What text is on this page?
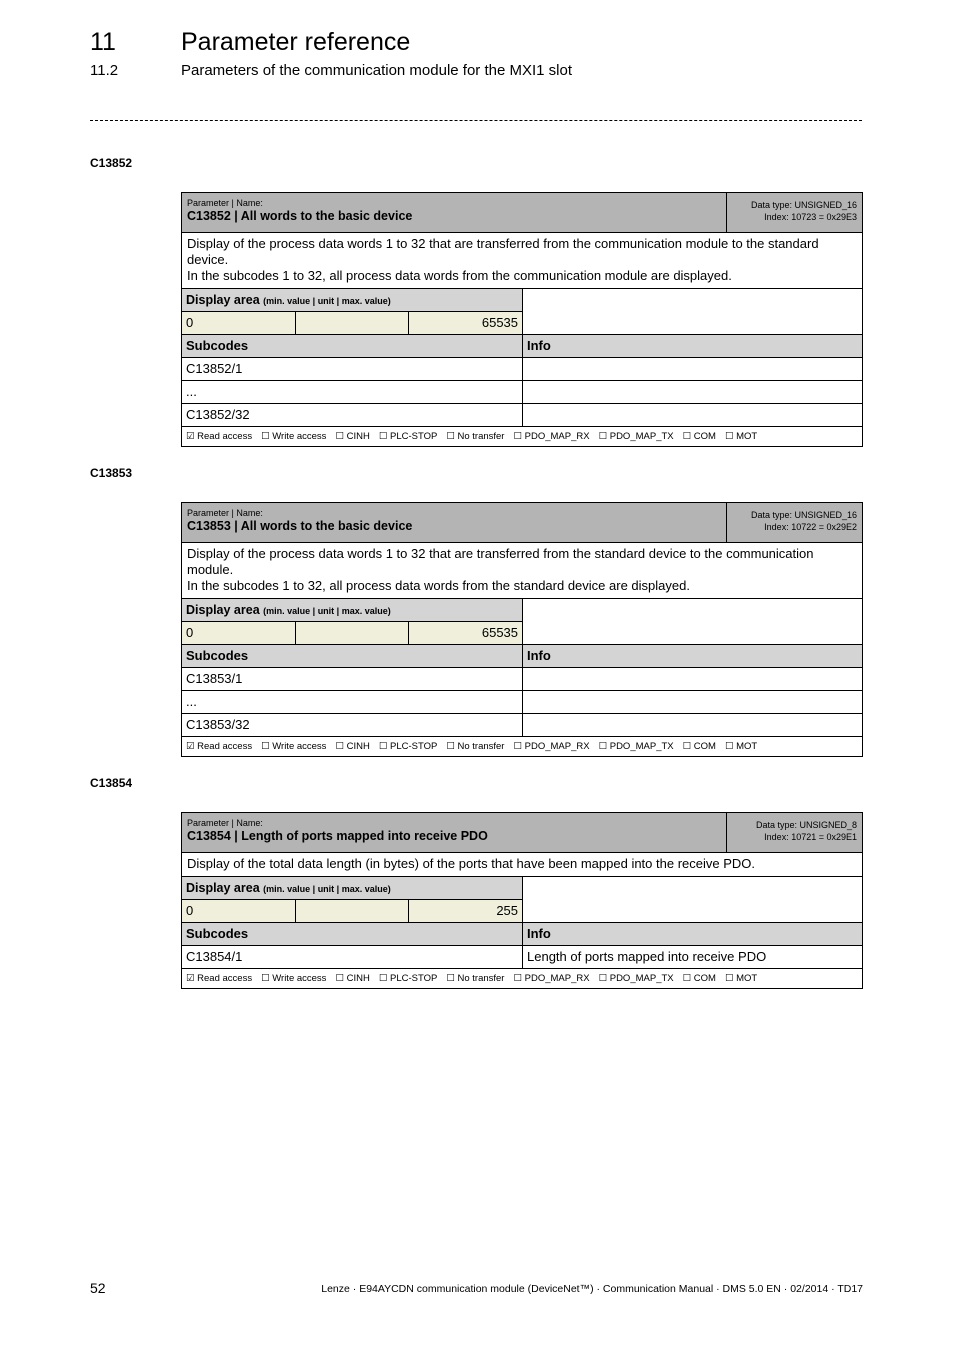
11	Parameter reference
11.2	Parameters of the communication module for the MXI1 slot
C13852
Parameter | Name:
C13852 | All words to the basic device
Data type: UNSIGNED_16
Index: 10723 = 0x29E3
Display of the process data words 1 to 32 that are transferred from the communication module to the standard device.
In the subcodes 1 to 32, all process data words from the communication module are displayed.
Display area (min. value | unit | max. value)
0	65535
Subcodes	Info
C13852/1
...
C13852/32
☑ Read access ☐ Write access ☐ CINH ☐ PLC-STOP ☐ No transfer ☐ PDO_MAP_RX ☐ PDO_MAP_TX ☐ COM ☐ MOT
C13853
Parameter | Name:
C13853 | All words to the basic device
Data type: UNSIGNED_16
Index: 10722 = 0x29E2
Display of the process data words 1 to 32 that are transferred from the standard device to the communication module.
In the subcodes 1 to 32, all process data words from the standard device are displayed.
Display area (min. value | unit | max. value)
0	65535
Subcodes	Info
C13853/1
...
C13853/32
☑ Read access ☐ Write access ☐ CINH ☐ PLC-STOP ☐ No transfer ☐ PDO_MAP_RX ☐ PDO_MAP_TX ☐ COM ☐ MOT
C13854
Parameter | Name:
C13854 | Length of ports mapped into receive PDO
Data type: UNSIGNED_8
Index: 10721 = 0x29E1
Display of the total data length (in bytes) of the ports that have been mapped into the receive PDO.
Display area (min. value | unit | max. value)
0	255
Subcodes	Info
C13854/1	Length of ports mapped into receive PDO
☑ Read access ☐ Write access ☐ CINH ☐ PLC-STOP ☐ No transfer ☐ PDO_MAP_RX ☐ PDO_MAP_TX ☐ COM ☐ MOT
52	Lenze · E94AYCDN communication module (DeviceNet™) · Communication Manual · DMS 5.0 EN · 02/2014 · TD17
